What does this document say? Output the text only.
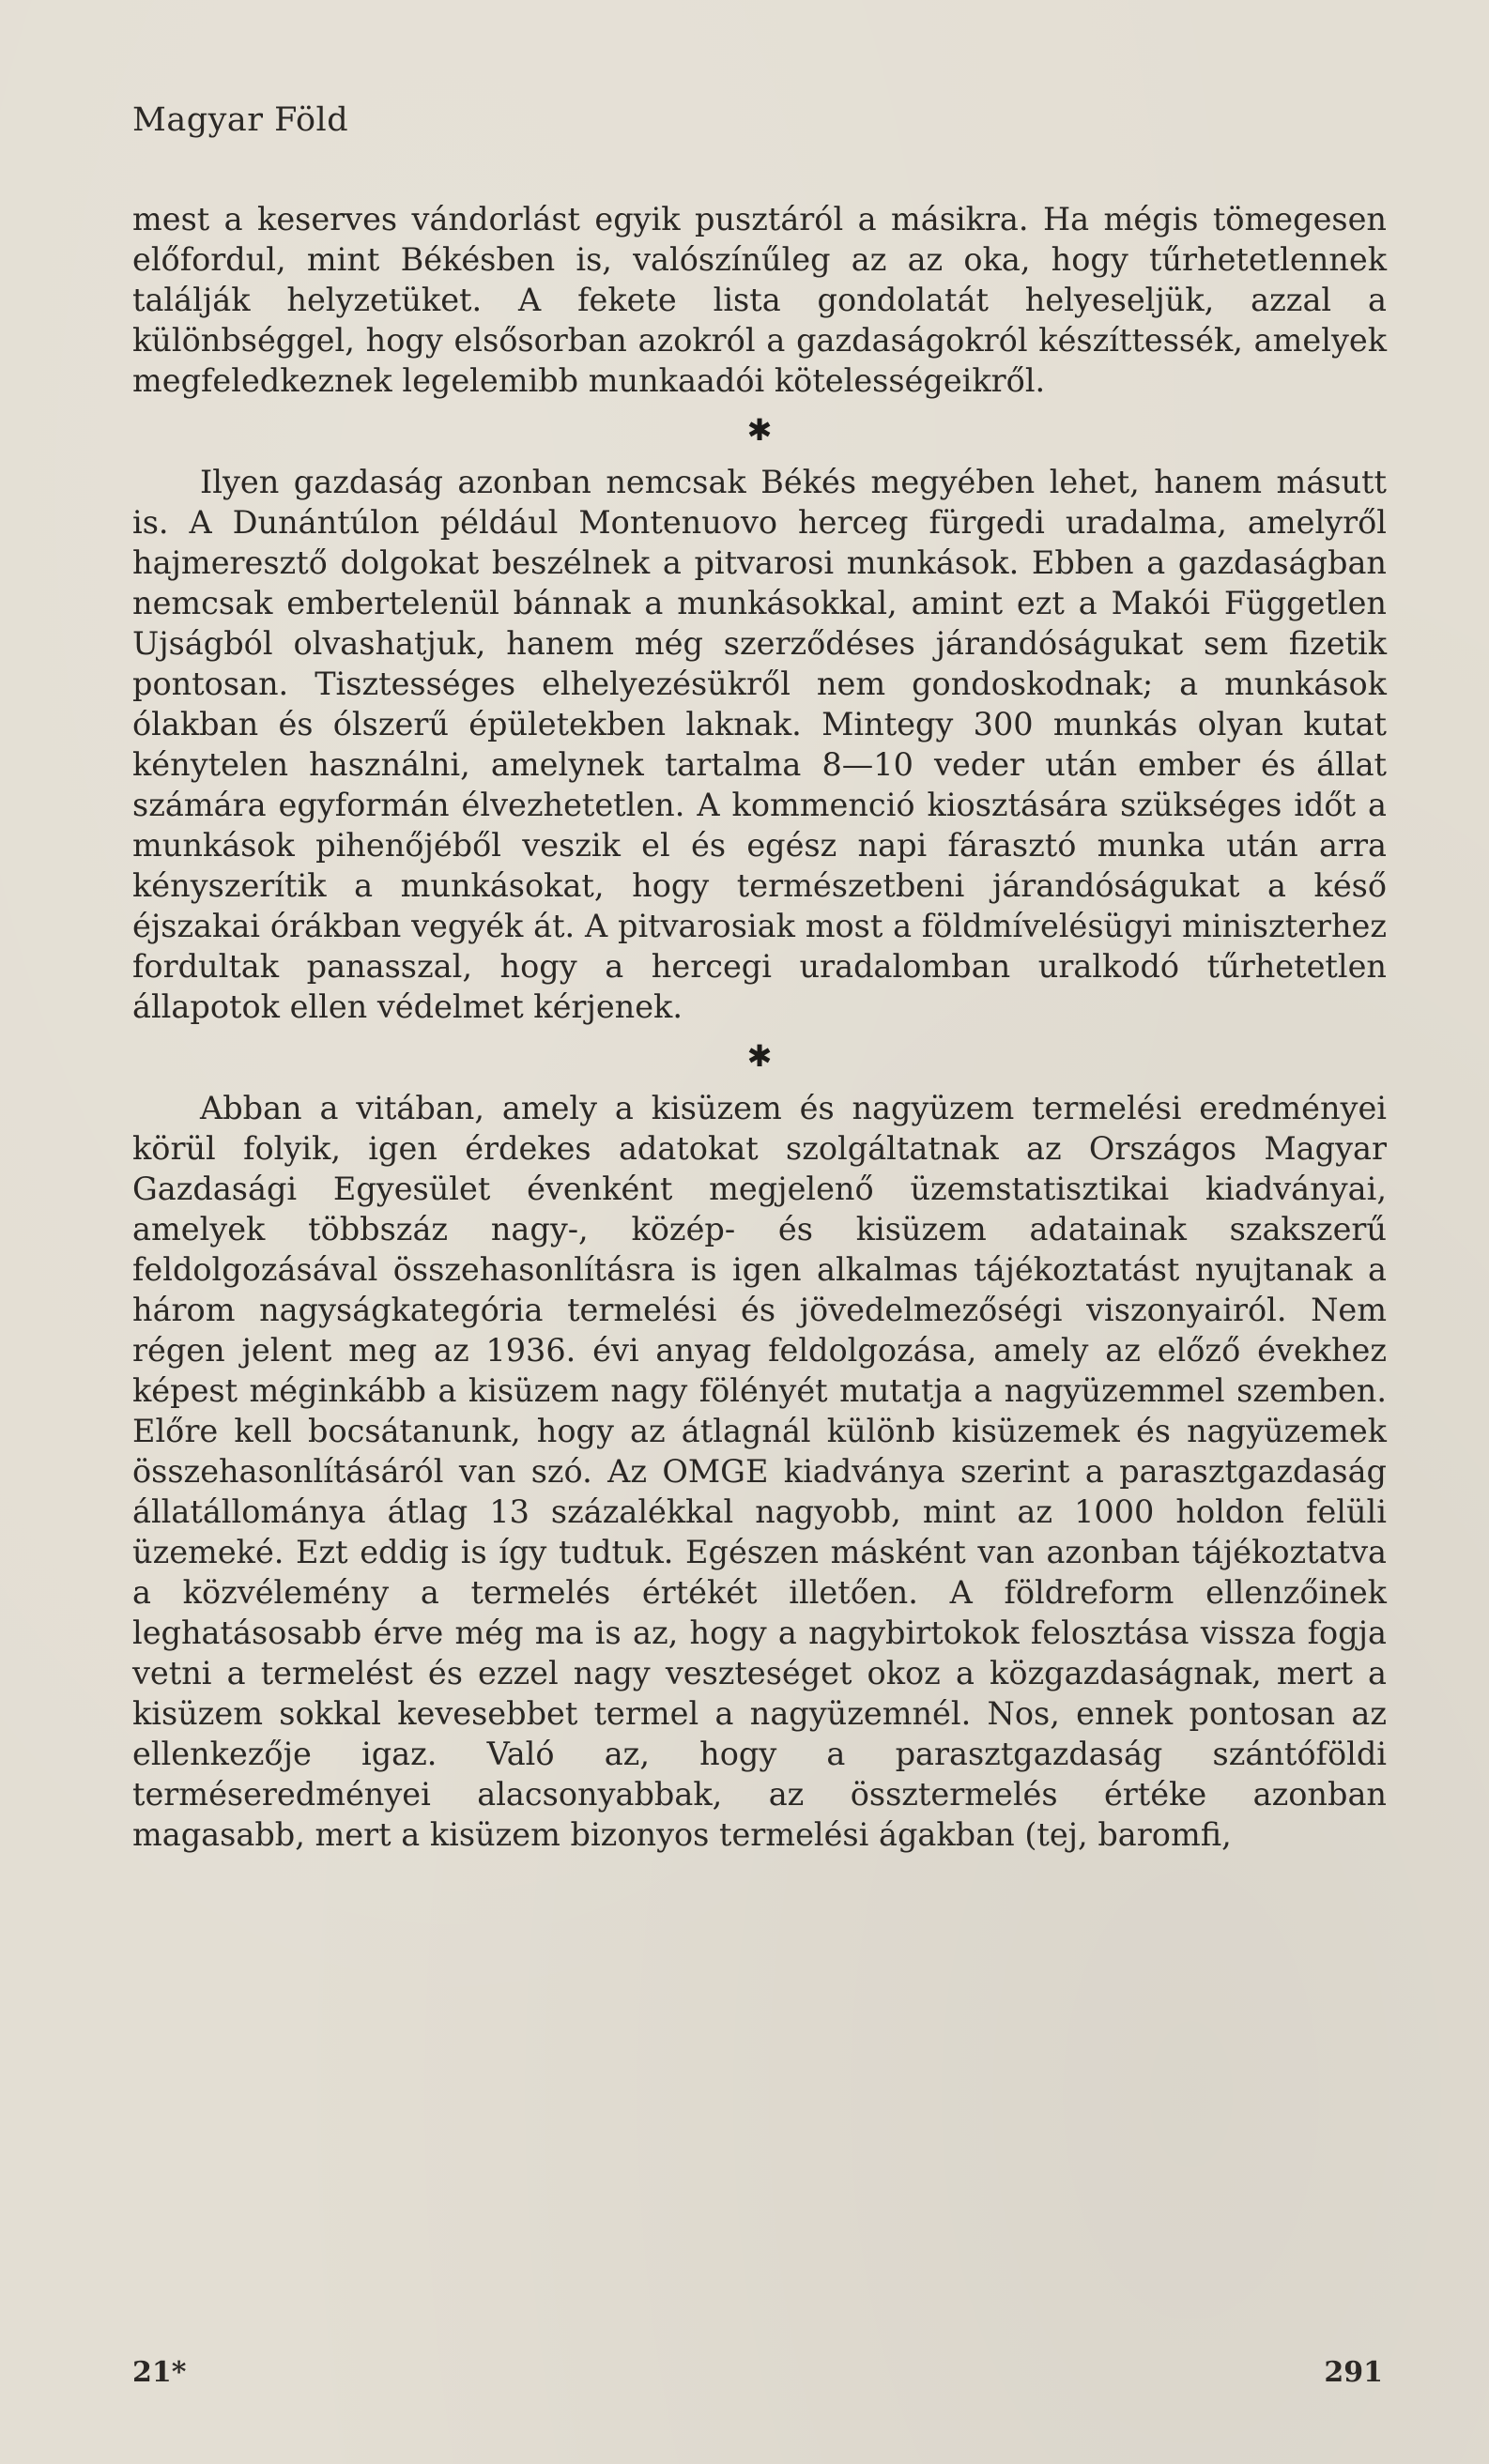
Magyar Föld

mest a keserves vándorlást egyik pusztáról a másikra. Ha mégis tömegesen előfordul, mint Békésben is, valószínűleg az az oka, hogy tűrhetetlennek találják helyzetüket. A fekete lista gondolatát helyeseljük, azzal a különbséggel, hogy elsősorban azokról a gazdaságokról készíttessék, amelyek megfeledkeznek legelemibb munkaadói kötelességeikről.

✱

Ilyen gazdaság azonban nemcsak Békés megyében lehet, hanem másutt is. A Dunántúlon például Montenuovo herceg fürgedi uradalma, amelyről hajmeresztő dolgokat beszélnek a pitvarosi munkások. Ebben a gazdaságban nemcsak embertelenül bánnak a munkásokkal, amint ezt a Makói Független Ujságból olvashatjuk, hanem még szerződéses járandóságukat sem fizetik pontosan. Tisztességes elhelyezésükről nem gondoskodnak; a munkások ólakban és ólszerű épületekben laknak. Mintegy 300 munkás olyan kutat kénytelen használni, amelynek tartalma 8—10 veder után ember és állat számára egyformán élvezhetetlen. A kommenció kiosztására szükséges időt a munkások pihenőjéből veszik el és egész napi fárasztó munka után arra kényszerítik a munkásokat, hogy természetbeni járandóságukat a késő éjszakai órákban vegyék át. A pitvarosiak most a földmívelésügyi miniszterhez fordultak panasszal, hogy a hercegi uradalomban uralkodó tűrhetetlen állapotok ellen védelmet kérjenek.

✱

Abban a vitában, amely a kisüzem és nagyüzem termelési eredményei körül folyik, igen érdekes adatokat szolgáltatnak az Országos Magyar Gazdasági Egyesület évenként megjelenő üzemstatisztikai kiadványai, amelyek többszáz nagy-, közép- és kisüzem adatainak szakszerű feldolgozásával összehasonlításra is igen alkalmas tájékoztatást nyujtanak a három nagyságkategória termelési és jövedelmezőségi viszonyairól. Nem régen jelent meg az 1936. évi anyag feldolgozása, amely az előző évekhez képest méginkább a kisüzem nagy fölényét mutatja a nagyüzemmel szemben. Előre kell bocsátanunk, hogy az átlagnál különb kisüzemek és nagyüzemek összehasonlításáról van szó. Az OMGE kiadványa szerint a parasztgazdaság állatállománya átlag 13 százalékkal nagyobb, mint az 1000 holdon felüli üzemeké. Ezt eddig is így tudtuk. Egészen másként van azonban tájékoztatva a közvélemény a termelés értékét illetően. A földreform ellenzőinek leghatásosabb érve még ma is az, hogy a nagybirtokok felosztása vissza fogja vetni a termelést és ezzel nagy veszteséget okoz a közgazdaságnak, mert a kisüzem sokkal kevesebbet termel a nagyüzemnél. Nos, ennek pontosan az ellenkezője igaz. Való az, hogy a parasztgazdaság szántóföldi terméseredményei alacsonyabbak, az össztermelés értéke azonban magasabb, mert a kisüzem bizonyos termelési ágakban (tej, baromfi,

21*	291
